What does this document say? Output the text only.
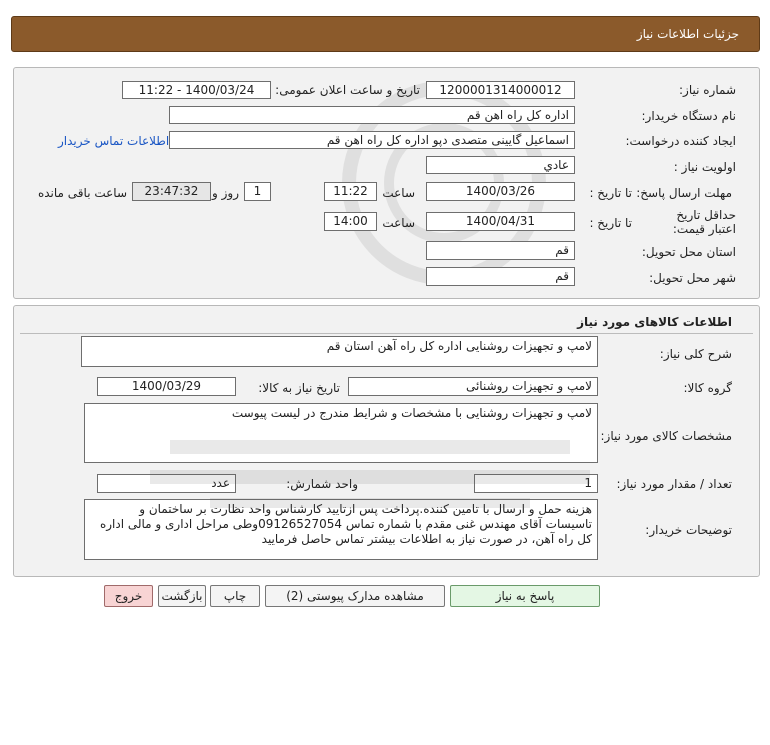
جزئیات اطلاعات نیاز
شماره نیاز:
1200001314000012
تاریخ و ساعت اعلان عمومی:
1400/03/24 - 11:22
نام دستگاه خریدار:
اداره کل راه اهن قم
ایجاد کننده درخواست:
اسماعیل گایینی متصدی دپو اداره کل راه اهن قم
اطلاعات تماس خریدار
اولویت نیاز :
عادي
مهلت ارسال پاسخ:
تا تاریخ :
1400/03/26
ساعت
11:22
1
روز و
23:47:32
ساعت باقی مانده
حداقل تاریخ اعتبار قیمت:
تا تاریخ :
1400/04/31
ساعت
14:00
استان محل تحویل:
قم
شهر محل تحویل:
قم
اطلاعات کالاهای مورد نیاز
شرح کلی نیاز:
لامپ و تجهیزات روشنایی اداره کل راه آهن استان قم
گروه کالا:
لامپ و تجهیزات روشنائی
تاریخ نیاز به کالا:
1400/03/29
مشخصات کالای مورد نیاز:
لامپ و تجهیزات روشنایی با مشخصات و شرایط مندرج در لیست پیوست
تعداد / مقدار مورد نیاز:
1
واحد شمارش:
عدد
توضیحات خریدار:
هزینه حمل و ارسال با تامین کننده.پرداخت پس ازتایید کارشناس واحد نظارت بر ساختمان و تاسیسات آقای مهندس غنی مقدم با شماره تماس 09126527054وطی مراحل اداری و مالی اداره کل راه آهن، در صورت نیاز به اطلاعات بیشتر تماس حاصل فرمایید
پاسخ به نیاز
مشاهده مدارک پیوستی (2)
چاپ
بازگشت
خروج
